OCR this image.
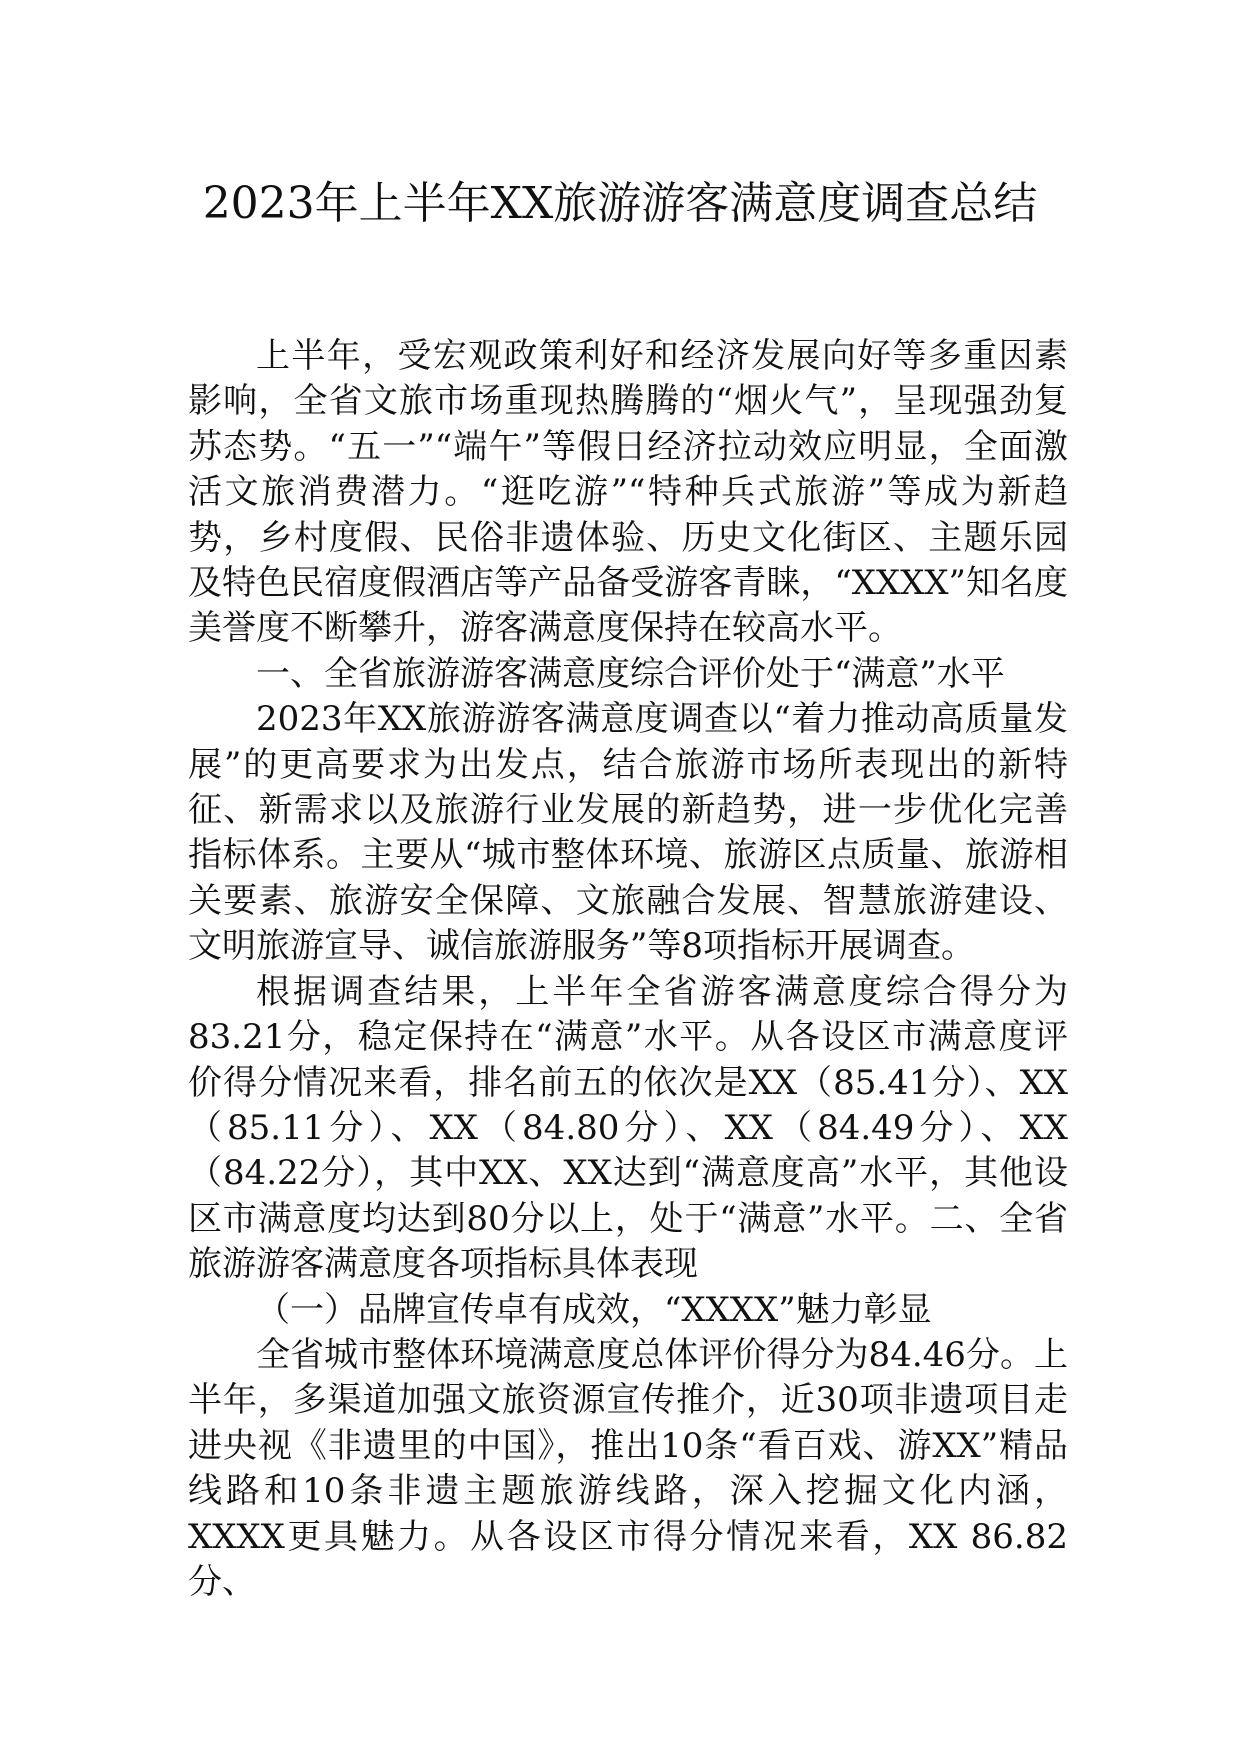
2023年上半年XX旅游游客满意度调查总结

上半年，受宏观政策利好和经济发展向好等多重因素影响，全省文旅市场重现热腾腾的“烟火气”，呈现强劲复苏态势。“五一”“端午”等假日经济拉动效应明显，全面激活文旅消费潜力。“逛吃游”“特种兵式旅游”等成为新趋势，乡村度假、民俗非遗体验、历史文化街区、主题乐园及特色民宿度假酒店等产品备受游客青睐，“XXXX”知名度美誉度不断攀升，游客满意度保持在较高水平。

一、全省旅游游客满意度综合评价处于“满意”水平

2023年XX旅游游客满意度调查以“着力推动高质量发展”的更高要求为出发点，结合旅游市场所表现出的新特征、新需求以及旅游行业发展的新趋势，进一步优化完善指标体系。主要从“城市整体环境、旅游区点质量、旅游相关要素、旅游安全保障、文旅融合发展、智慧旅游建设、文明旅游宣导、诚信旅游服务”等8项指标开展调查。

根据调查结果，上半年全省游客满意度综合得分为83.21分，稳定保持在“满意”水平。从各设区市满意度评价得分情况来看，排名前五的依次是XX（85.41分）、XX（85.11分）、XX（84.80分）、XX（84.49分）、XX（84.22分），其中XX、XX达到“满意度高”水平，其他设区市满意度均达到80分以上，处于“满意”水平。二、全省旅游游客满意度各项指标具体表现

（一）品牌宣传卓有成效，“XXXX”魅力彰显

全省城市整体环境满意度总体评价得分为84.46分。上半年，多渠道加强文旅资源宣传推介，近30项非遗项目走进央视《非遗里的中国》，推出10条“看百戏、游XX”精品线路和10条非遗主题旅游线路，深入挖掘文化内涵，XXXX更具魅力。从各设区市得分情况来看，XX 86.82分、
